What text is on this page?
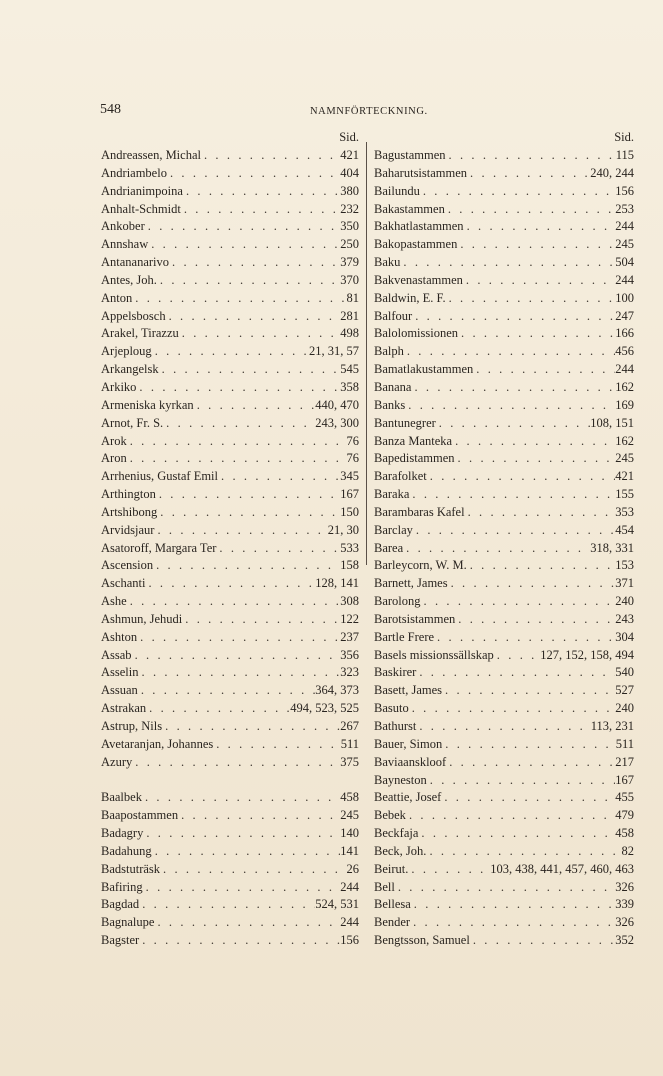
548	NAMNFÖRTECKNING.
Sid.
Andreassen, Michal . . .	421
Andriambelo . . .	404
Andrianimpoina . . .	380
Anhalt-Schmidt . . .	232
Ankober . . .	350
Annshaw . . .	250
Antananarivo . . .	379
Antes, Joh. . . .	370
Anton . . .	81
Appelsbosch . . .	281
Arakel, Tirazzu . . .	498
Arjeploug . . .	21, 31, 57
Arkangelsk . . .	545
Arkiko . . .	358
Armeniska kyrkan . . .	440, 470
Arnot, Fr. S. . . .	243, 300
Arok . . .	76
Aron . . .	76
Arrhenius, Gustaf Emil . . .	345
Arthington . . .	167
Artshibong . . .	150
Arvidsjaur . . .	21, 30
Asatoroff, Margara Ter . . .	533
Ascension . . .	158
Aschanti . . .	128, 141
Ashe . . .	308
Ashmun, Jehudi . . .	122
Ashton . . .	237
Assab . . .	356
Asselin . . .	323
Assuan . . .	364, 373
Astrakan . . .	494, 523, 525
Astrup, Nils . . .	267
Avetaranjan, Johannes . . .	511
Azury . . .	375
Baalbek . . .	458
Baapostammen . . .	245
Badagry . . .	140
Badahung . . .	141
Badstuträsk . . .	26
Bafiring . . .	244
Bagdad . . .	524, 531
Bagnalupe . . .	244
Bagster . . .	156
Sid.
Bagustammen . . .	115
Baharutsistammen . . .	240, 244
Bailundu . . .	156
Bakastammen . . .	253
Bakhatlastammen . . .	244
Bakopastammen . . .	245
Baku . . .	504
Bakvenastammen . . .	244
Baldwin, E. F. . . .	100
Balfour . . .	247
Balolomissionen . . .	166
Balph . . .	456
Bamatlakustammen . . .	244
Banana . . .	162
Banks . . .	169
Bantunegrer . . .	108, 151
Banza Manteka . . .	162
Bapedistammen . . .	245
Barafolket . . .	421
Baraka . . .	155
Barambaras Kafel . . .	353
Barclay . . .	454
Barea . . .	318, 331
Barleycorn, W. M. . . .	153
Barnett, James . . .	371
Barolong . . .	240
Barotsistammen . . .	243
Bartle Frere . . .	304
Basels missionssällskap . . .	127, 152, 158, 494
Baskirer . . .	540
Basett, James . . .	527
Basuto . . .	240
Bathurst . . .	113, 231
Bauer, Simon . . .	511
Baviaanskloof . . .	217
Bayneston . . .	167
Beattie, Josef . . .	455
Bebek . . .	479
Beckfaja . . .	458
Beck, Joh. . . .	82
Beirut. . . .	103, 438, 441, 457, 460, 463
Bell . . .	326
Bellesa . . .	339
Bender . . .	326
Bengtsson, Samuel . . .	352
